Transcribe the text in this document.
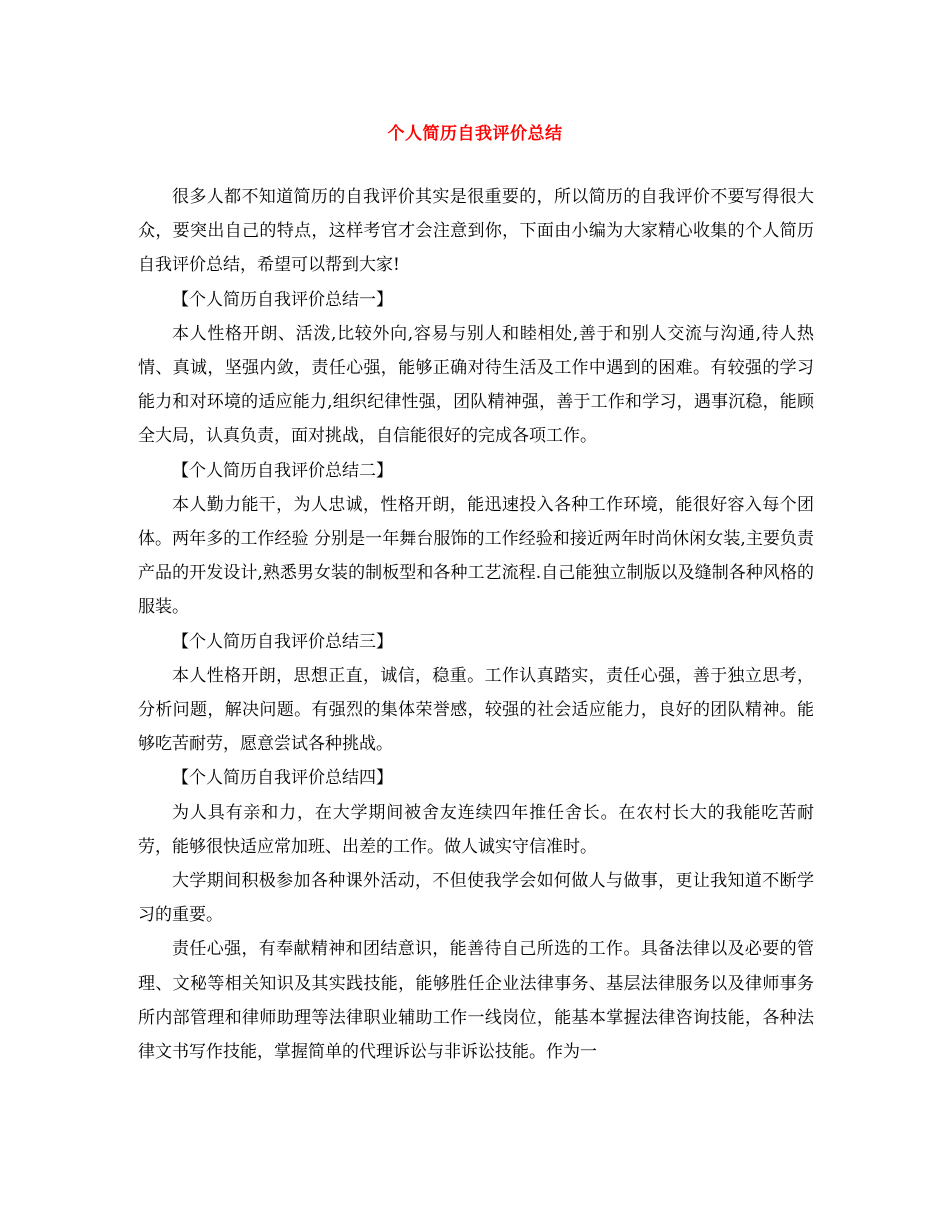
个人简历自我评价总结

很多人都不知道简历的自我评价其实是很重要的，所以简历的自我评价不要写得很大众，要突出自己的特点，这样考官才会注意到你，下面由小编为大家精心收集的个人简历自我评价总结，希望可以帮到大家!

【个人简历自我评价总结一】

本人性格开朗、活泼,比较外向,容易与别人和睦相处,善于和别人交流与沟通,待人热情、真诚，坚强内敛，责任心强，能够正确对待生活及工作中遇到的困难。有较强的学习能力和对环境的适应能力,组织纪律性强，团队精神强，善于工作和学习，遇事沉稳，能顾全大局，认真负责，面对挑战，自信能很好的完成各项工作。

【个人简历自我评价总结二】

本人勤力能干，为人忠诚，性格开朗，能迅速投入各种工作环境，能很好容入每个团体。两年多的工作经验 分别是一年舞台服饰的工作经验和接近两年时尚休闲女装,主要负责产品的开发设计,熟悉男女装的制板型和各种工艺流程.自己能独立制版以及缝制各种风格的服装。

【个人简历自我评价总结三】

本人性格开朗，思想正直，诚信，稳重。工作认真踏实，责任心强，善于独立思考，分析问题，解决问题。有强烈的集体荣誉感，较强的社会适应能力，良好的团队精神。能够吃苦耐劳，愿意尝试各种挑战。

【个人简历自我评价总结四】

为人具有亲和力，在大学期间被舍友连续四年推任舍长。在农村长大的我能吃苦耐劳，能够很快适应常加班、出差的工作。做人诚实守信准时。

大学期间积极参加各种课外活动，不但使我学会如何做人与做事，更让我知道不断学习的重要。

责任心强，有奉献精神和团结意识，能善待自己所选的工作。具备法律以及必要的管理、文秘等相关知识及其实践技能，能够胜任企业法律事务、基层法律服务以及律师事务所内部管理和律师助理等法律职业辅助工作一线岗位，能基本掌握法律咨询技能，各种法律文书写作技能，掌握简单的代理诉讼与非诉讼技能。作为一
